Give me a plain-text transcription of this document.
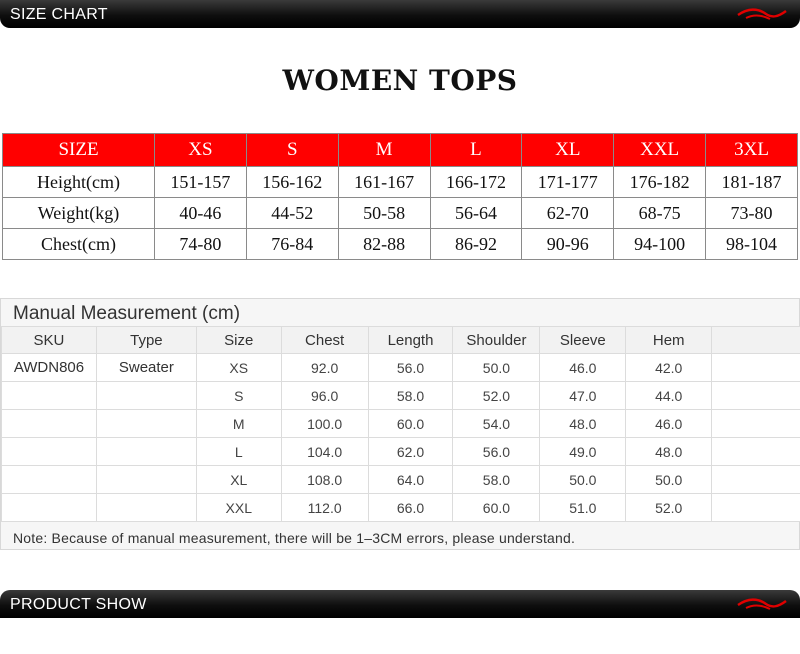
SIZE CHART
WOMEN TOPS
SIZE	XS	S	M	L	XL	XXL	3XL
Height(cm)	151-157	156-162	161-167	166-172	171-177	176-182	181-187
Weight(kg)	40-46	44-52	50-58	56-64	62-70	68-75	73-80
Chest(cm)	74-80	76-84	82-88	86-92	90-96	94-100	98-104
Manual Measurement (cm)
SKU	Type	Size	Chest	Length	Shoulder	Sleeve	Hem	
AWDN806	Sweater	XS	92.0	56.0	50.0	46.0	42.0	
		S	96.0	58.0	52.0	47.0	44.0	
		M	100.0	60.0	54.0	48.0	46.0	
		L	104.0	62.0	56.0	49.0	48.0	
		XL	108.0	64.0	58.0	50.0	50.0	
		XXL	112.0	66.0	60.0	51.0	52.0	
Note: Because of manual measurement, there will be 1–3CM errors, please understand.
PRODUCT SHOW
